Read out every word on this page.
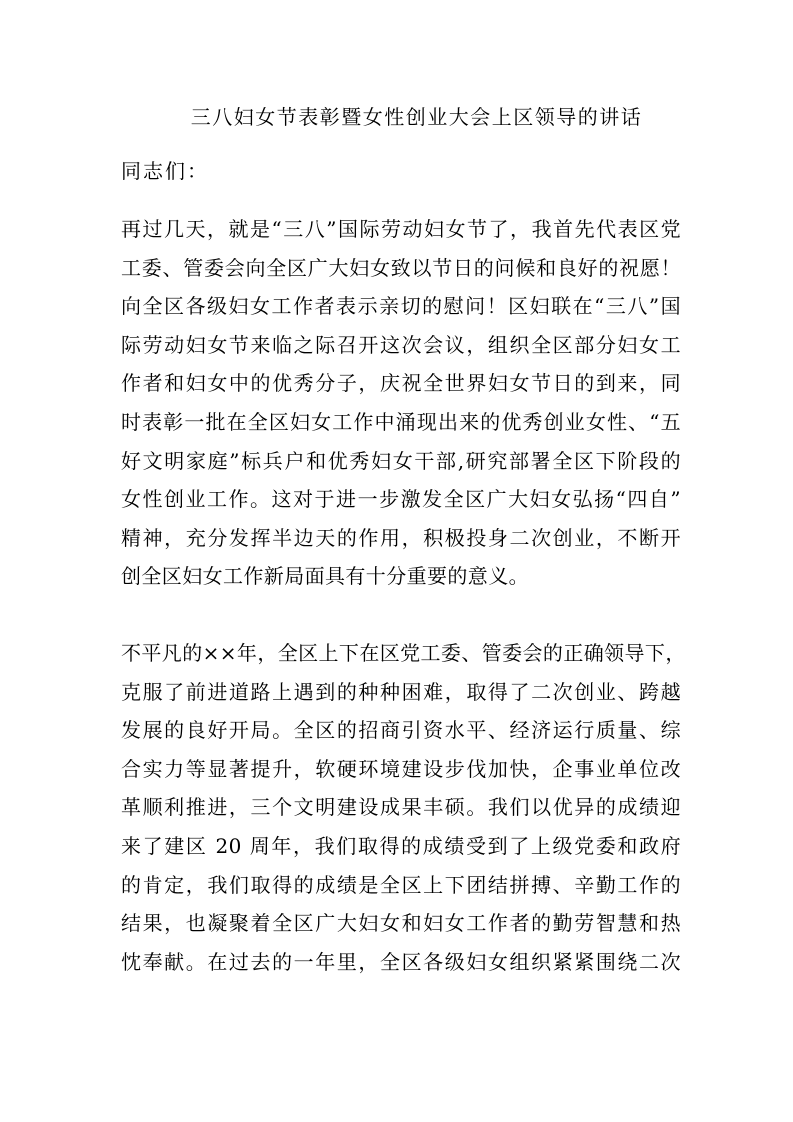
三八妇女节表彰暨女性创业大会上区领导的讲话

同志们：

再过几天，就是“三八”国际劳动妇女节了，我首先代表区党
工委、管委会向全区广大妇女致以节日的问候和良好的祝愿！
向全区各级妇女工作者表示亲切的慰问！区妇联在“三八”国
际劳动妇女节来临之际召开这次会议，组织全区部分妇女工
作者和妇女中的优秀分子，庆祝全世界妇女节日的到来，同
时表彰一批在全区妇女工作中涌现出来的优秀创业女性、“五
好文明家庭”标兵户和优秀妇女干部,研究部署全区下阶段的
女性创业工作。这对于进一步激发全区广大妇女弘扬“四自”
精神，充分发挥半边天的作用，积极投身二次创业，不断开
创全区妇女工作新局面具有十分重要的意义。
不平凡的××年，全区上下在区党工委、管委会的正确领导下，
克服了前进道路上遇到的种种困难，取得了二次创业、跨越
发展的良好开局。全区的招商引资水平、经济运行质量、综
合实力等显著提升，软硬环境建设步伐加快，企事业单位改
革顺利推进，三个文明建设成果丰硕。我们以优异的成绩迎
来了建区 20 周年，我们取得的成绩受到了上级党委和政府
的肯定，我们取得的成绩是全区上下团结拼搏、辛勤工作的
结果，也凝聚着全区广大妇女和妇女工作者的勤劳智慧和热
忱奉献。在过去的一年里，全区各级妇女组织紧紧围绕二次
